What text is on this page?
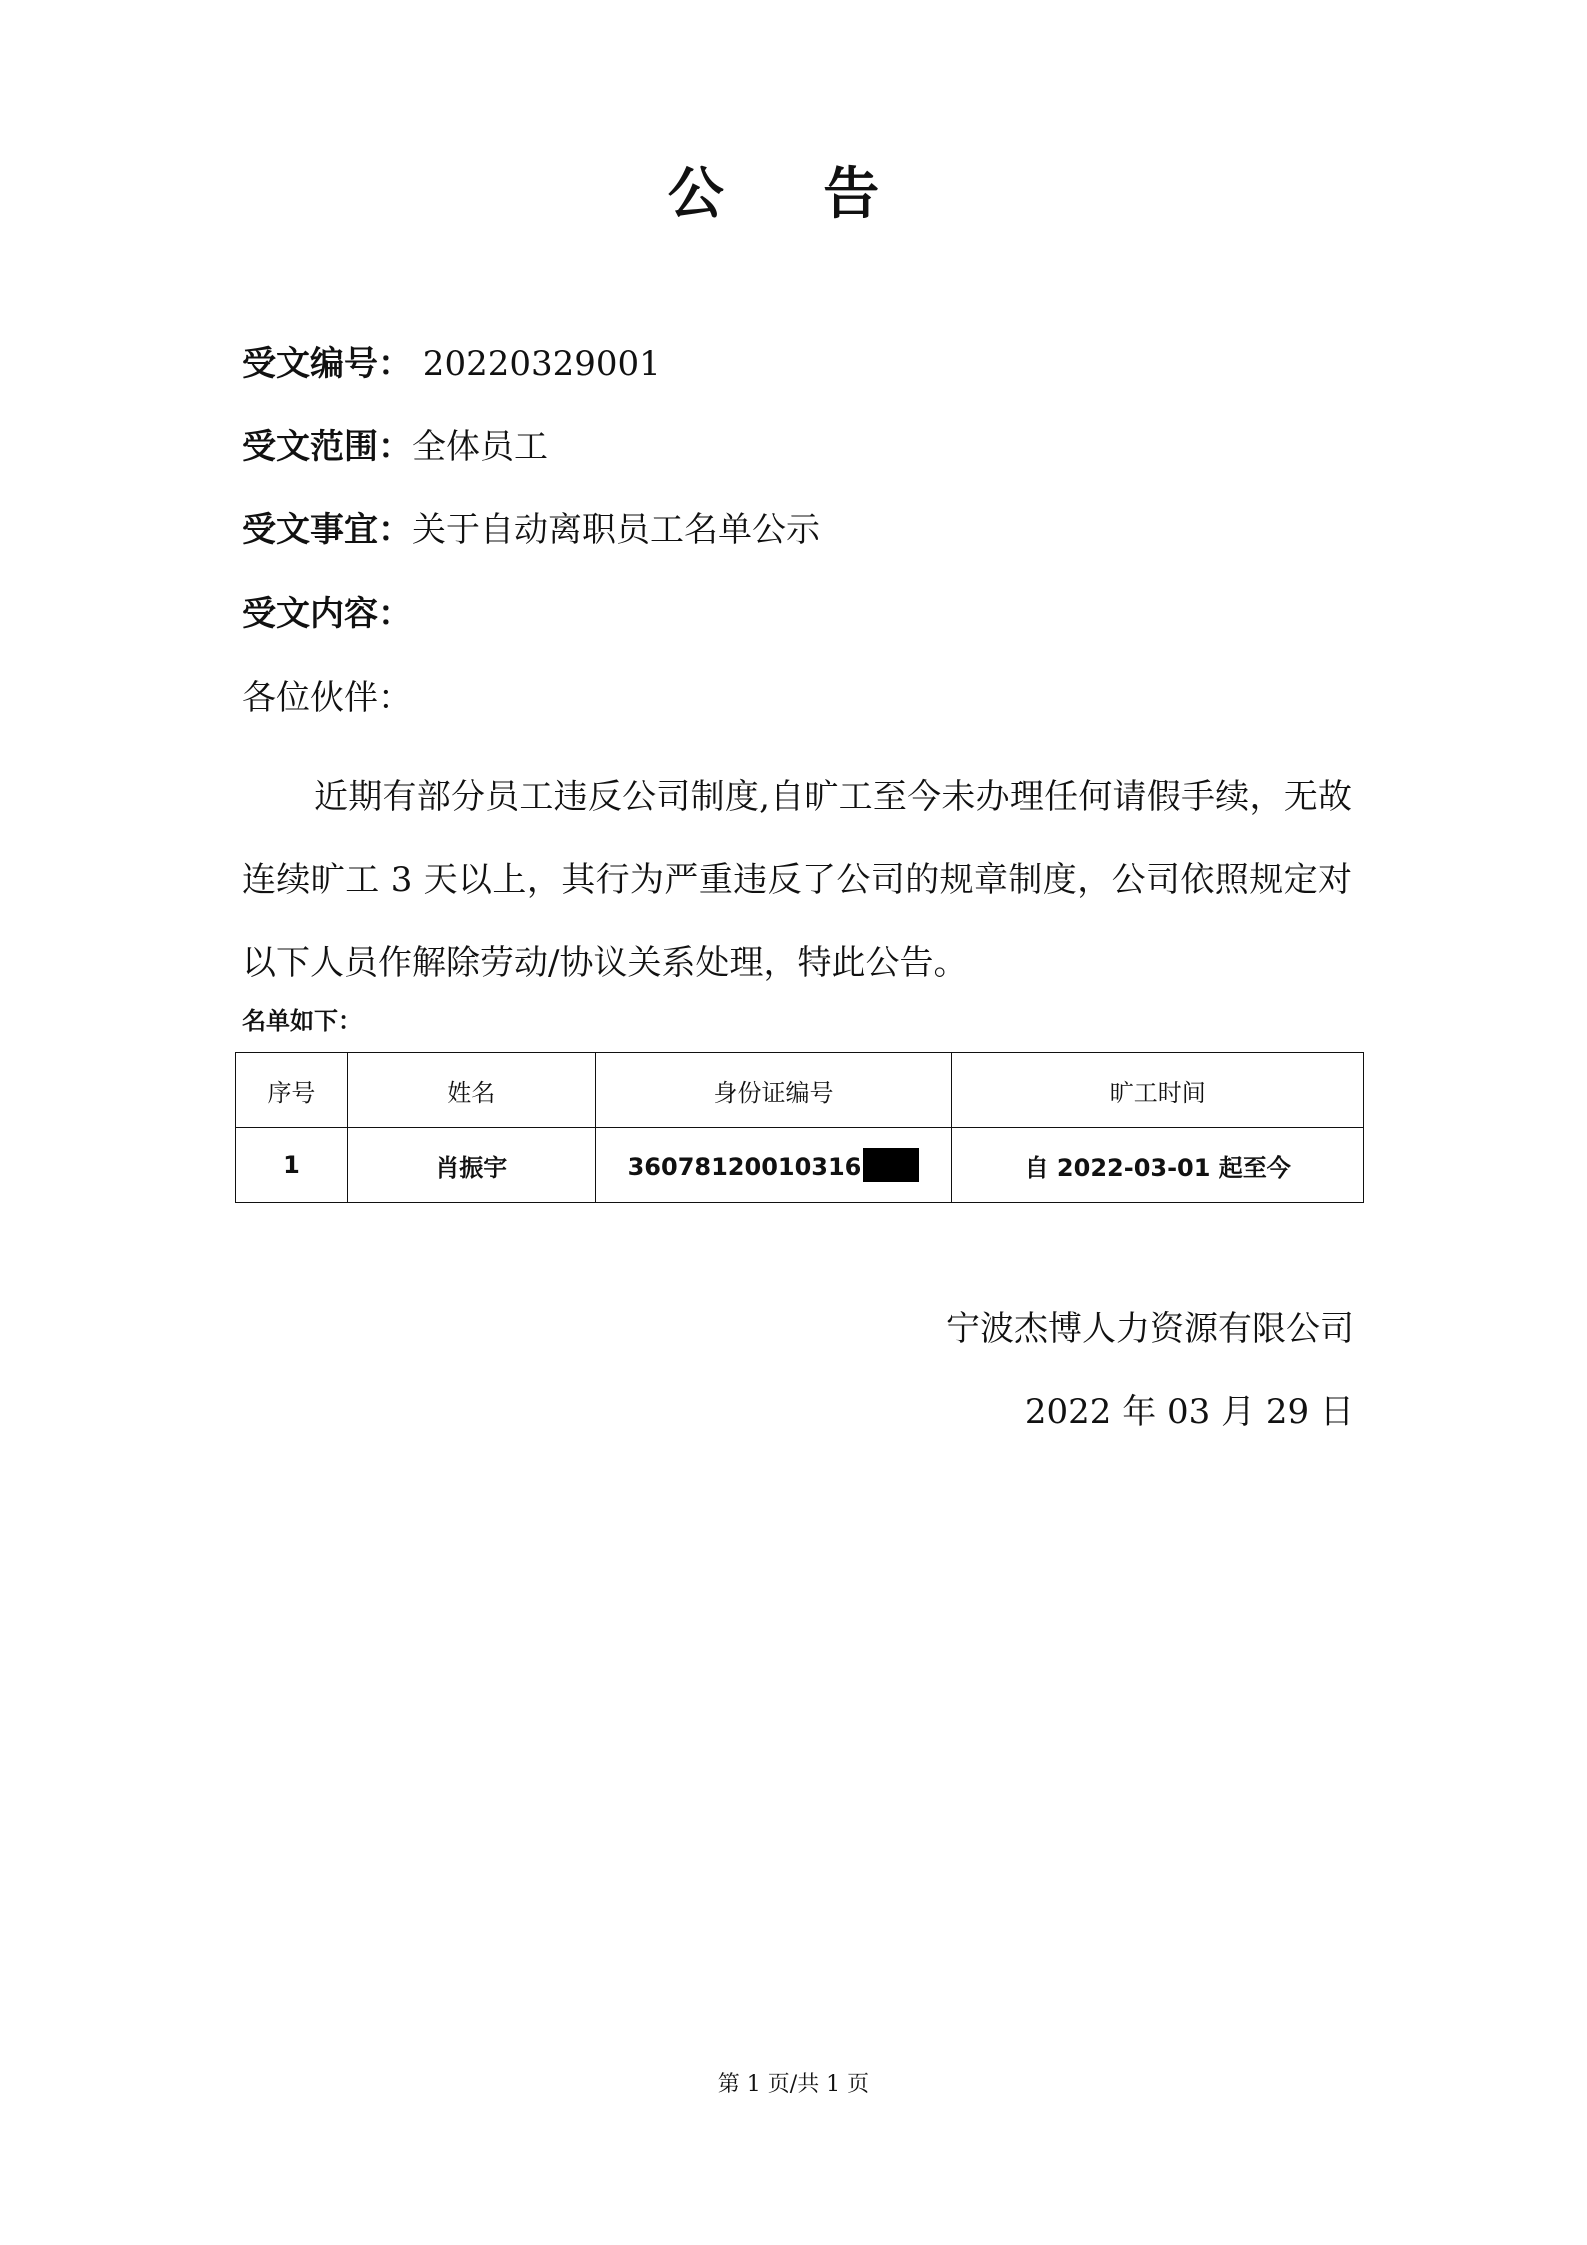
公 告
受文编号： 20220329001
受文范围：全体员工
受文事宜：关于自动离职员工名单公示
受文内容：
各位伙伴：
近期有部分员工违反公司制度,自旷工至今未办理任何请假手续，无故连续旷工 3 天以上，其行为严重违反了公司的规章制度，公司依照规定对以下人员作解除劳动/协议关系处理，特此公告。
名单如下：
序号	姓名	身份证编号	旷工时间
1	肖振宇	36078120010316	自 2022-03-01 起至今
宁波杰博人力资源有限公司
2022 年 03 月 29 日
第 1 页/共 1 页
